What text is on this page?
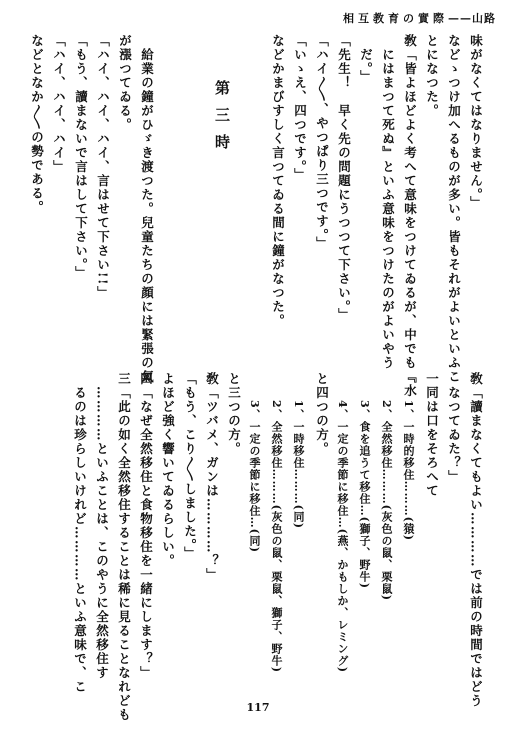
相互教育の實際——山路
味がなくてはなりません。」
などゝつけ加へるものが多い。皆もそれがよいといふこ
とになつた。
敎「皆よほどよく考へて意味をつけてゐるが、中でも『水
にはまつて死ぬ』といふ意味をつけたのがよいやう
だ。」
「先生！　早く先の問題にうつつて下さい。」
「ハイ〳〵、やつぱり三つです。」
「いゝえ、四つです。」
などかまびすしく言つてゐる間に鐘がなつた。
第三時
給業の鐘がひゞき渡つた。兒童たちの顔には緊張の氣
が漲つてゐる。
「ハイ、ハイ、ハイ、言はせて下さい!!」
「もう、讀まないで言はして下さい。」
「ハイ、ハイ、ハイ」
などとなか〳〵の勢である。
敎「讀まなくてもよい…………では前の時間ではどう
なつてゐた？」
一同は口をそろへて
1、一時的移住………(猿)
2、全然移住………(灰色の鼠、栗鼠)
3、食を追うて移住…(獅子、野牛)
4、一定の季節に移住…(燕、かもしか、レミング)
と四つの方。
1、一時移住………(同)
2、全然移住………(灰色の鼠、栗鼠、獅子、野牛)
3、一定の季節に移住…(同)
と三つの方。
敎「ツバメ、ガンは…………？」
「もう、こり〳〵しました。」
よほど強く響いてゐるらしい。
四「なぜ全然移住と食物移住を一緒にします？」
三「此の如く全然移住することは稀に見ることなれども
…………といふことは、このやうに全然移住す
るのは珍らしいけれど…………といふ意味で、こ
117
